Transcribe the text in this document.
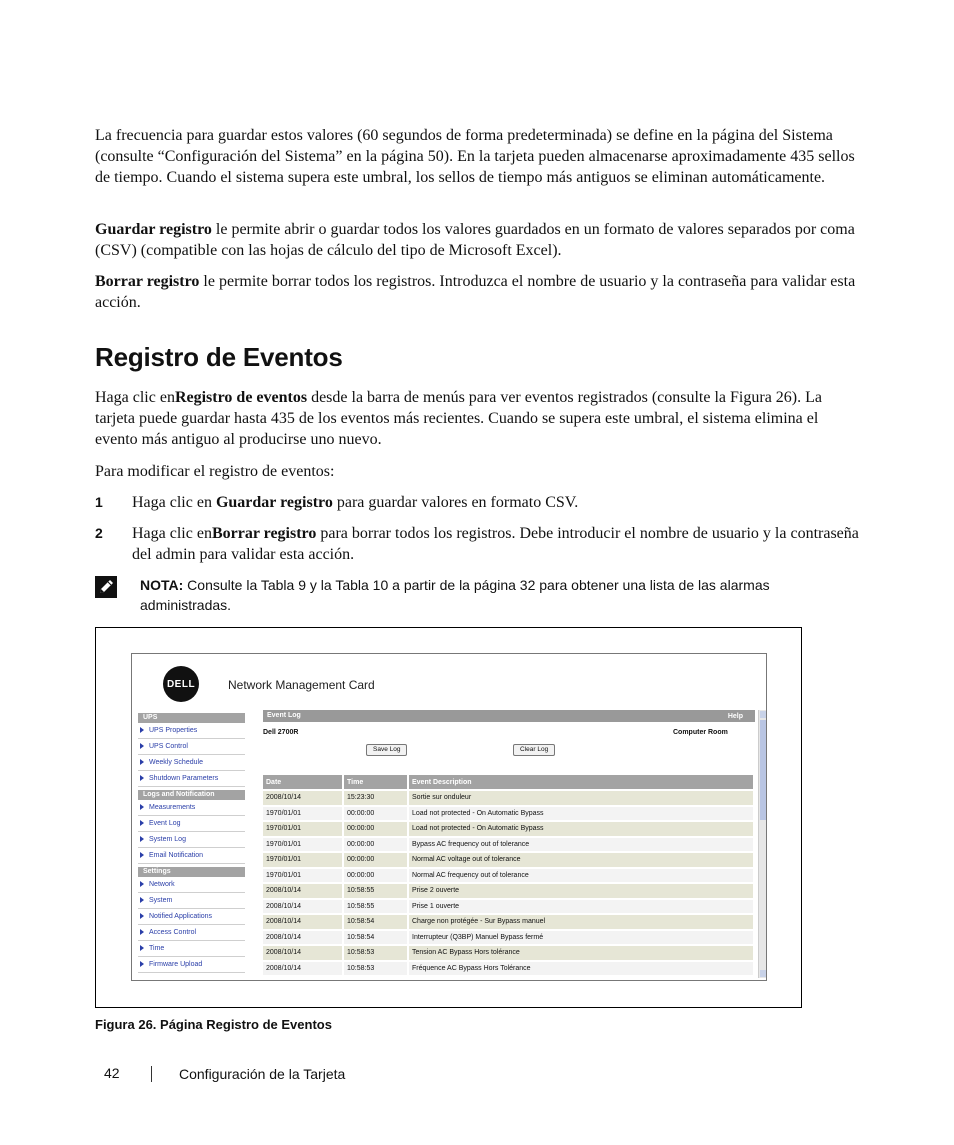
La frecuencia para guardar estos valores (60 segundos de forma predeterminada) se define en la página del Sistema (consulte “Configuración del Sistema” en la página 50). En la tarjeta pueden almacenarse aproximadamente 435 sellos de tiempo. Cuando el sistema supera este umbral, los sellos de tiempo más antiguos se eliminan automáticamente.

Guardar registro le permite abrir o guardar todos los valores guardados en un formato de valores separados por coma (CSV) (compatible con las hojas de cálculo del tipo de Microsoft Excel).

Borrar registro le permite borrar todos los registros. Introduzca el nombre de usuario y la contraseña para validar esta acción.

Registro de Eventos

Haga clic enRegistro de eventos desde la barra de menús para ver eventos registrados (consulte la Figura 26). La tarjeta puede guardar hasta 435 de los eventos más recientes. Cuando se supera este umbral, el sistema elimina el evento más antiguo al producirse uno nuevo.

Para modificar el registro de eventos:

1 Haga clic en Guardar registro para guardar valores en formato CSV.

2 Haga clic enBorrar registro para borrar todos los registros. Debe introducir el nombre de usuario y la contraseña del admin para validar esta acción.

NOTA: Consulte la Tabla 9 y la Tabla 10 a partir de la página 32 para obtener una lista de las alarmas administradas.

DELL	Network Management Card
UPS
UPS Properties
UPS Control
Weekly Schedule
Shutdown Parameters
Logs and Notification
Measurements
Event Log
System Log
Email Notification
Settings
Network
System
Notified Applications
Access Control
Time
Firmware Upload
Event Log	Help
Dell 2700R	Computer Room
Save Log	Clear Log
Date	Time	Event Description
2008/10/14	15:23:30	Sortie sur onduleur
1970/01/01	00:00:00	Load not protected - On Automatic Bypass
1970/01/01	00:00:00	Load not protected - On Automatic Bypass
1970/01/01	00:00:00	Bypass AC frequency out of tolerance
1970/01/01	00:00:00	Normal AC voltage out of tolerance
1970/01/01	00:00:00	Normal AC frequency out of tolerance
2008/10/14	10:58:55	Prise 2 ouverte
2008/10/14	10:58:55	Prise 1 ouverte
2008/10/14	10:58:54	Charge non protégée - Sur Bypass manuel
2008/10/14	10:58:54	Interrupteur (Q3BP) Manuel Bypass fermé
2008/10/14	10:58:53	Tension AC Bypass Hors tolérance
2008/10/14	10:58:53	Fréquence AC Bypass Hors Tolérance
Figura 26. Página Registro de Eventos
42	Configuración de la Tarjeta
